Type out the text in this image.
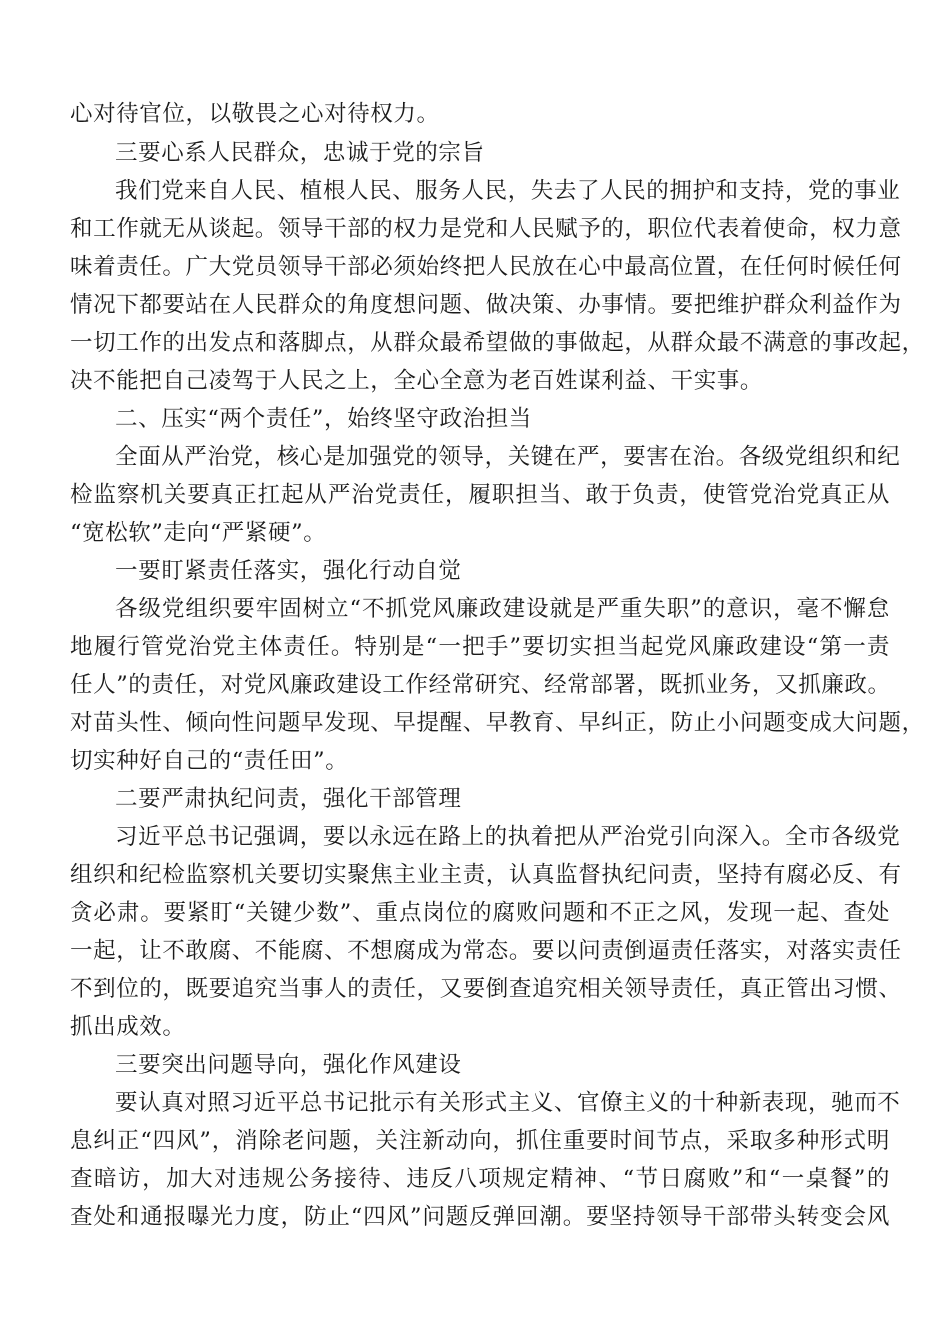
心对待官位，以敬畏之心对待权力。
三要心系人民群众，忠诚于党的宗旨
我们党来自人民、植根人民、服务人民，失去了人民的拥护和支持，党的事业
和工作就无从谈起。领导干部的权力是党和人民赋予的，职位代表着使命，权力意
味着责任。广大党员领导干部必须始终把人民放在心中最高位置，在任何时候任何
情况下都要站在人民群众的角度想问题、做决策、办事情。要把维护群众利益作为
一切工作的出发点和落脚点，从群众最希望做的事做起，从群众最不满意的事改起，
决不能把自己凌驾于人民之上，全心全意为老百姓谋利益、干实事。
二、压实“两个责任”，始终坚守政治担当
全面从严治党，核心是加强党的领导，关键在严，要害在治。各级党组织和纪
检监察机关要真正扛起从严治党责任，履职担当、敢于负责，使管党治党真正从
“宽松软”走向“严紧硬”。
一要盯紧责任落实，强化行动自觉
各级党组织要牢固树立“不抓党风廉政建设就是严重失职”的意识，毫不懈怠
地履行管党治党主体责任。特别是“一把手”要切实担当起党风廉政建设“第一责
任人”的责任，对党风廉政建设工作经常研究、经常部署，既抓业务，又抓廉政。
对苗头性、倾向性问题早发现、早提醒、早教育、早纠正，防止小问题变成大问题，
切实种好自己的“责任田”。
二要严肃执纪问责，强化干部管理
习近平总书记强调，要以永远在路上的执着把从严治党引向深入。全市各级党
组织和纪检监察机关要切实聚焦主业主责，认真监督执纪问责，坚持有腐必反、有
贪必肃。要紧盯“关键少数”、重点岗位的腐败问题和不正之风，发现一起、查处
一起，让不敢腐、不能腐、不想腐成为常态。要以问责倒逼责任落实，对落实责任
不到位的，既要追究当事人的责任，又要倒查追究相关领导责任，真正管出习惯、
抓出成效。
三要突出问题导向，强化作风建设
要认真对照习近平总书记批示有关形式主义、官僚主义的十种新表现，驰而不
息纠正“四风”，消除老问题，关注新动向，抓住重要时间节点，采取多种形式明
查暗访，加大对违规公务接待、违反八项规定精神、“节日腐败”和“一桌餐”的
查处和通报曝光力度，防止“四风”问题反弹回潮。要坚持领导干部带头转变会风
